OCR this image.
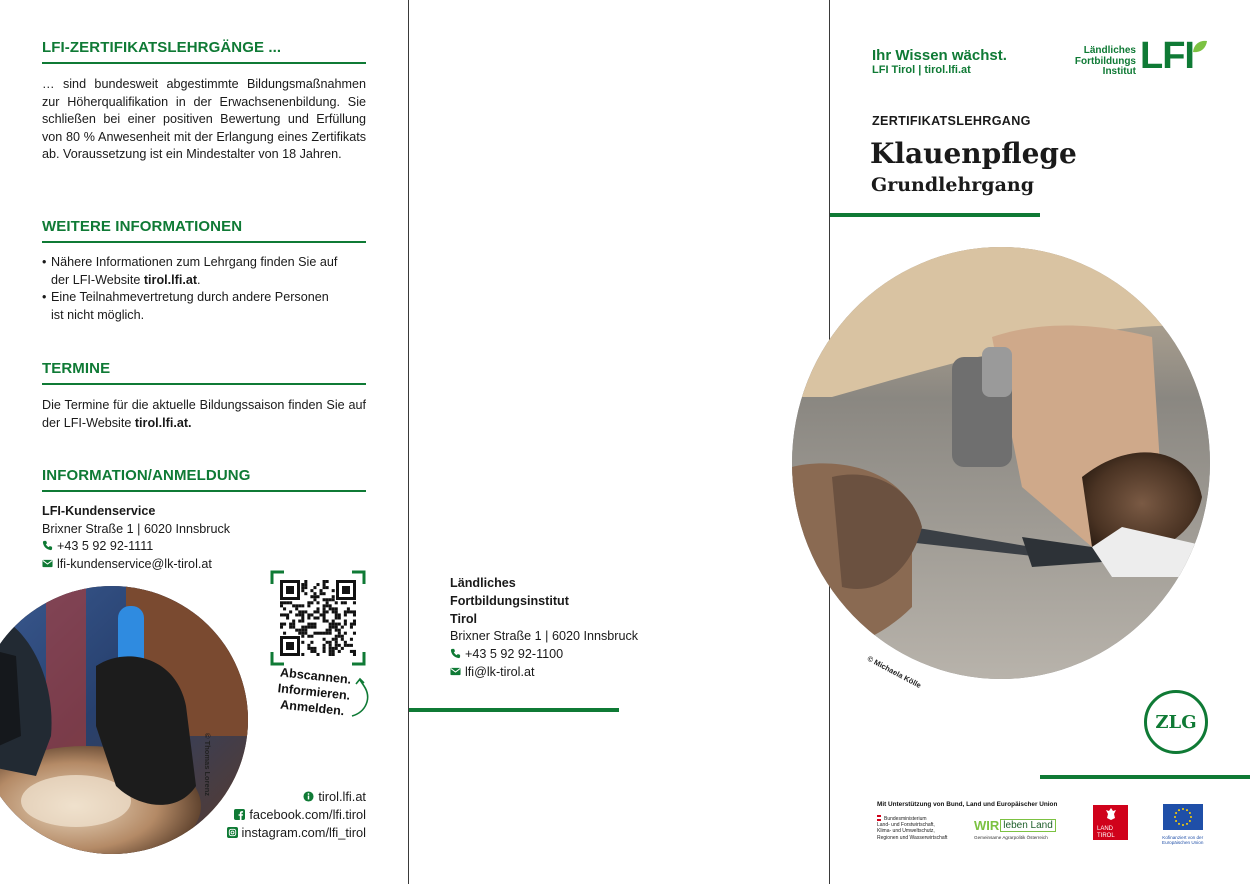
LFI-ZERTIFIKATSLEHRGÄNGE ...
… sind bundesweit abgestimmte Bildungsmaßnahmen zur Höherqualifikation in der Erwachsenenbildung. Sie schließen bei einer positiven Bewertung und Erfüllung von 80 % Anwesenheit mit der Erlangung eines Zertifikats ab. Voraussetzung ist ein Mindestalter von 18 Jahren.
WEITERE INFORMATIONEN
• Nähere Informationen zum Lehrgang finden Sie auf der LFI-Website tirol.lfi.at.
• Eine Teilnahmevertretung durch andere Personen ist nicht möglich.
TERMINE
Die Termine für die aktuelle Bildungssaison finden Sie auf der LFI-Website tirol.lfi.at.
INFORMATION/ANMELDUNG
LFI-Kundenservice
Brixner Straße 1 | 6020 Innsbruck
+43 5 92 92-1111
lfi-kundenservice@lk-tirol.at
© Thomas Lorenz
Abscannen.
Informieren.
Anmelden.
tirol.lfi.at
facebook.com/lfi.tirol
instagram.com/lfi_tirol
Ländliches
Fortbildungsinstitut
Tirol
Brixner Straße 1 | 6020 Innsbruck
+43 5 92 92-1100
lfi@lk-tirol.at
Ihr Wissen wächst.
LFI Tirol | tirol.lfi.at
Ländliches
Fortbildungs
Institut LFI
ZERTIFIKATSLEHRGANG
Klauenpflege
Grundlehrgang
© Michaela Kölle
ZLG
Mit Unterstützung von Bund, Land und Europäischer Union
Bundesministerium
Land- und Forstwirtschaft,
Klima- und Umweltschutz,
Regionen und Wasserwirtschaft
WIR leben Land
Gemeinsame Agrarpolitik Österreich
LAND
TIROL	Kofinanziert von der
Europäischen Union
